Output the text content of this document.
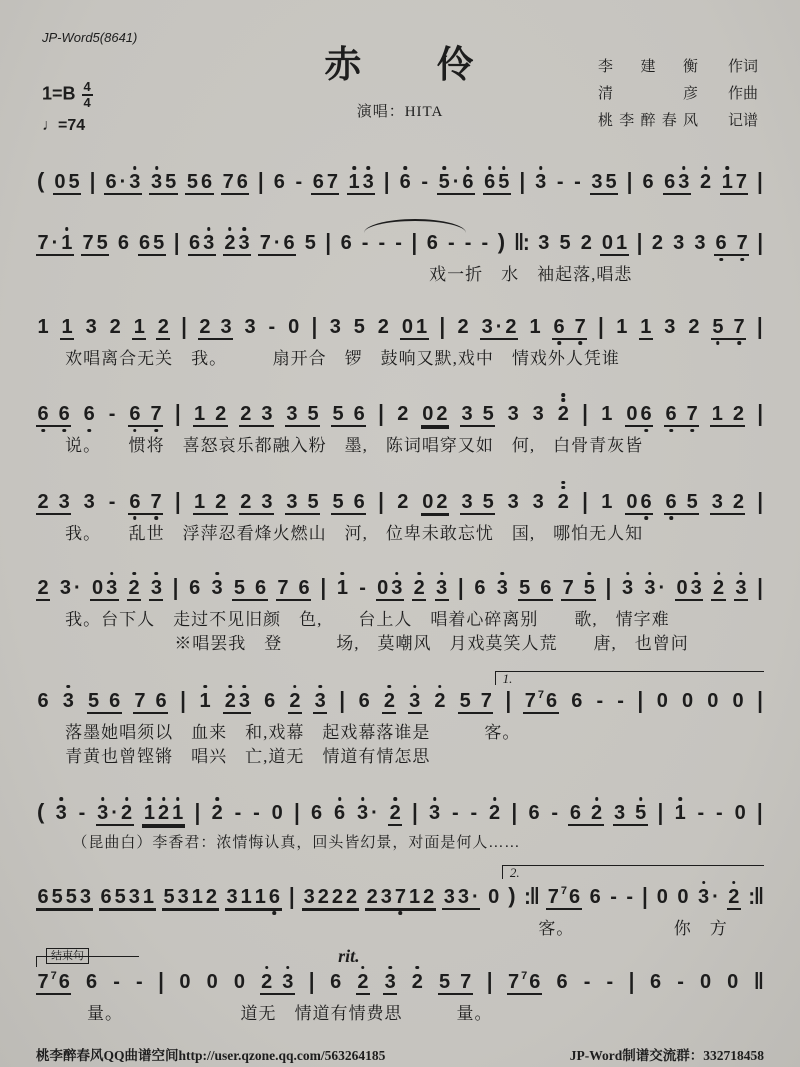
JP-Word5(8641)
赤 伶
演唱：HITA
$1=B \frac{4}{4}$
♩=74
李建衡 作词
清彦 作曲
桃李醉春风 记谱
( 0 5 | 6 · 3 3 5 5 6 7 6 | 6 - 6 7 1 3 | 6 - 5 · 6 6 5 | 3 - - 3 5 | 6 6 3 2 1 7 |
7 · 1 7 5 6 6 5 | 6 3 2 3 7 · 6 5 | 6 - - - | 6 - - - ) ‖: 3 5 2 0 1 | 2 3 3 6 7 |
戏一折　水　袖起落,唱悲
1 1 3 2 1 2 | 2 3 3 - 0 | 3 5 2 0 1 | 2 3 · 2 1 6 7 | 1 1 3 2 5 7 |
欢唱离合无关　我。　　　扇开合　锣　鼓响又默,戏中　情戏外人凭谁
6 6 6 - 6 7 | 1 2 2 3 3 5 5 6 | 2 0 2 3 5 3 3 2 | 1 0 6 6 7 1 2 |
说。　　惯将　喜怒哀乐都融入粉　墨,　陈词唱穿又如　何,　白骨青灰皆
2 3 3 - 6 7 | 1 2 2 3 3 5 5 6 | 2 0 2 3 5 3 3 2 | 1 0 6 6 5 3 2 |
我。　　乱世　浮萍忍看烽火燃山　河,　位卑未敢忘忧　国,　哪怕无人知
2 3 · 0 3 2 3 | 6 3 5 6 7 6 | 1 - 0 3 2 3 | 6 3 5 6 7 5 | 3 3 · 0 3 2 3 |
我。台下人　走过不见旧颜　色,　　台上人　唱着心碎离别　　歌,　情字难
※唱罢我　登　　　场,　莫嘲风　月戏莫笑人荒　　唐,　也曾问
$^{1.}$
6 3 5 6 7 6 | 1 2 3 6 2 3 | 6 2 3 2 5 7 | 7 7 6 6 - - | 0 0 0 0 |
落墨她唱须以　血来　和,戏幕　起戏幕落谁是　　　客。
青黄也曾铿锵　唱兴　亡,道无　情道有情怎思
( 3 - 3 · 2 1 2 1 | 2 - - 0 | 6 6 3 · 2 | 3 - - 2 | 6 - 6 2 3 5 | 1 - - 0 |
（昆曲白）李香君：浓情悔认真，回头皆幻景，对面是何人……
$^{2.}$
6 5 5 3 6 5 3 1 5 3 1 2 3 1 1 6 | 3 2 2 2 2 3 7 1 2 3 3 · 0 ) :‖ 7 7 6 6 - - | 0 0 3 · 2 :‖
客。　　　　　　你　方
结束句	rit.
7 7 6 6 - - | 0 0 0 2 3 | 6 2 3 2 5 7 | 7 7 6 6 - - | 6 - 0 0 ‖
量。　　　　　　　道无　情道有情费思　　　量。
桃李醉春风QQ曲谱空间http://user.qzone.qq.com/563264185	JP-Word制谱交流群：332718458
